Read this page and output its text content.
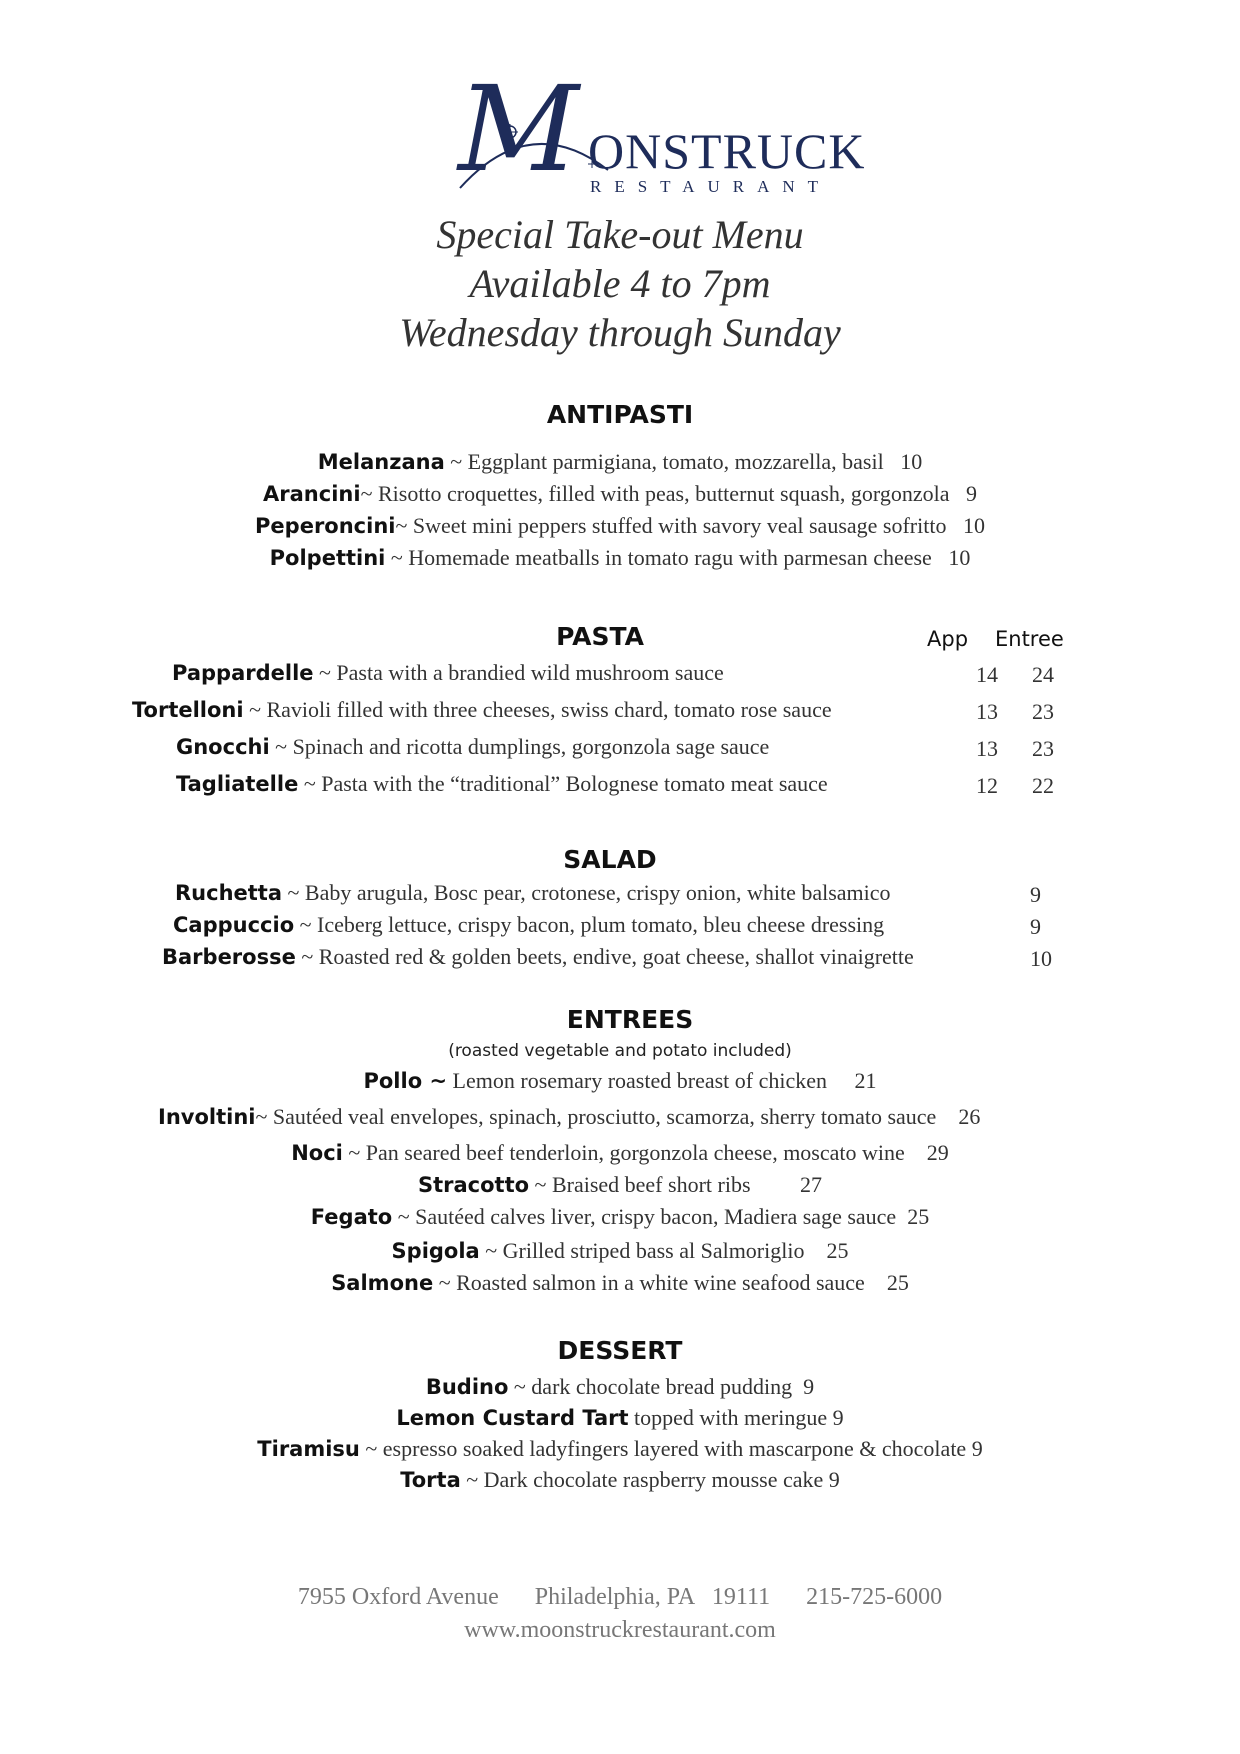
M ONSTRUCK
RESTAURANT
Special Take-out Menu
Available 4 to 7pm
Wednesday through Sunday
ANTIPASTI
Melanzana ~ Eggplant parmigiana, tomato, mozzarella, basil 10
Arancini~ Risotto croquettes, filled with peas, butternut squash, gorgonzola 9
Peperoncini~ Sweet mini peppers stuffed with savory veal sausage sofritto 10
Polpettini ~ Homemade meatballs in tomato ragu with parmesan cheese 10
PASTA	App Entree
Pappardelle ~ Pasta with a brandied wild mushroom sauce	14 24
Tortelloni ~ Ravioli filled with three cheeses, swiss chard, tomato rose sauce	13 23
Gnocchi ~ Spinach and ricotta dumplings, gorgonzola sage sauce	13 23
Tagliatelle ~ Pasta with the “traditional” Bolognese tomato meat sauce	12 22
SALAD
Ruchetta ~ Baby arugula, Bosc pear, crotonese, crispy onion, white balsamico	9
Cappuccio ~ Iceberg lettuce, crispy bacon, plum tomato, bleu cheese dressing	9
Barberosse ~ Roasted red & golden beets, endive, goat cheese, shallot vinaigrette	10
ENTREES
(roasted vegetable and potato included)
Pollo ~ Lemon rosemary roasted breast of chicken 21
Involtini~ Sautéed veal envelopes, spinach, prosciutto, scamorza, sherry tomato sauce 26
Noci ~ Pan seared beef tenderloin, gorgonzola cheese, moscato wine 29
Stracotto ~ Braised beef short ribs 27
Fegato ~ Sautéed calves liver, crispy bacon, Madiera sage sauce 25
Spigola ~ Grilled striped bass al Salmoriglio 25
Salmone ~ Roasted salmon in a white wine seafood sauce 25
DESSERT
Budino ~ dark chocolate bread pudding 9
Lemon Custard Tart topped with meringue 9
Tiramisu ~ espresso soaked ladyfingers layered with mascarpone & chocolate 9
Torta ~ Dark chocolate raspberry mousse cake 9
7955 Oxford Avenue Philadelphia, PA   19111 215-725-6000
www.moonstruckrestaurant.com
